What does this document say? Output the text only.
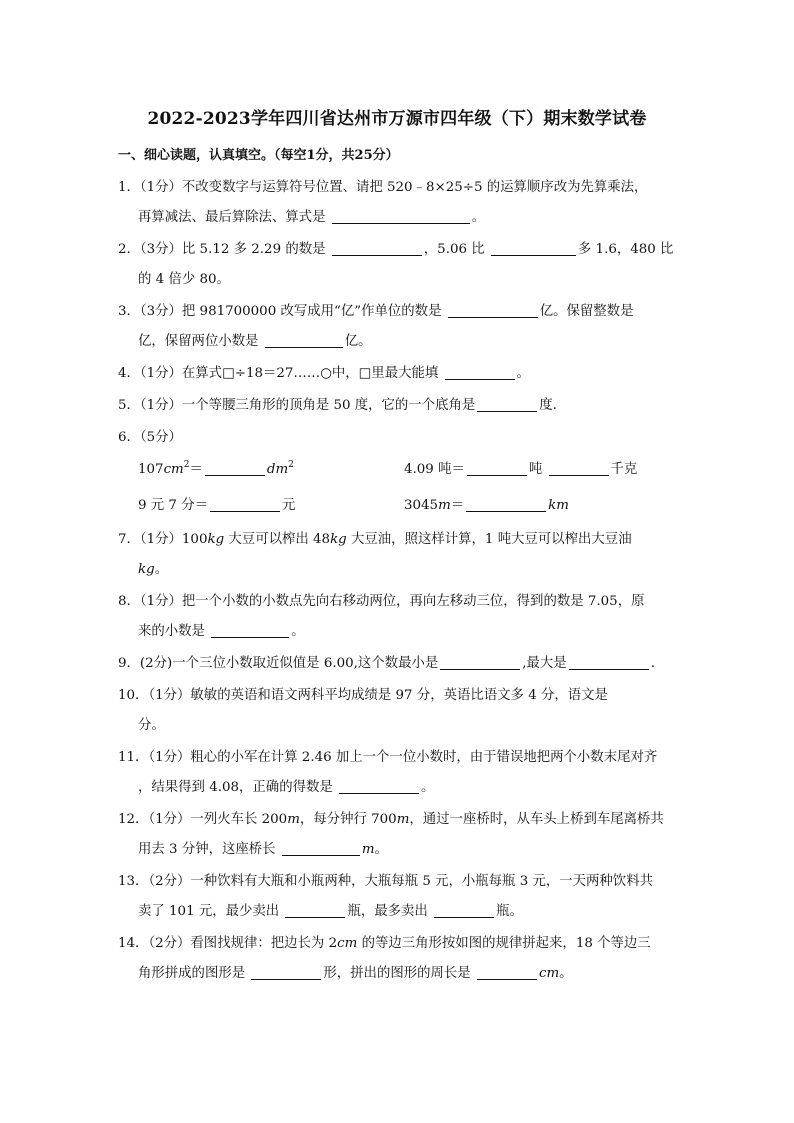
2022-2023学年四川省达州市万源市四年级（下）期末数学试卷
一、细心读题，认真填空。（每空1分，共25分）
1．（1分）不改变数字与运算符号位置、请把 520﹣8×25÷5 的运算顺序改为先算乘法，
再算减法、最后算除法、算式是	。
2．（3分）比 5.12 多 2.29 的数是	，5.06 比	多 1.6，480 比
的 4 倍少 80。
3．（3分）把 981700000 改写成用“亿”作单位的数是	亿。保留整数是
亿，保留两位小数是	亿。
4．（1分）在算式□÷18＝27……○中，□里最大能填	。
5．（1分）一个等腰三角形的顶角是 50 度，它的一个底角是	度.
6．（5分）
$107cm^2=$	$dm^2$	4.09 吨＝	吨	千克
9 元 7 分＝	元	3045m＝	km
7．（1分）100kg 大豆可以榨出 48kg 大豆油，照这样计算，1 吨大豆可以榨出大豆油
kg。
8．（1分）把一个小数的小数点先向右移动两位，再向左移动三位，得到的数是 7.05，原
来的小数是	。
9．(2分)一个三位小数取近似值是 6.00,这个数最小是	,最大是	.
10．（1分）敏敏的英语和语文两科平均成绩是 97 分，英语比语文多 4 分，语文是
分。
11．（1分）粗心的小军在计算 2.46 加上一个一位小数时，由于错误地把两个小数末尾对齐
，结果得到 4.08，正确的得数是	。
12．（1分）一列火车长 200m，每分钟行 700m，通过一座桥时，从车头上桥到车尾离桥共
用去 3 分钟，这座桥长	m。
13．（2分）一种饮料有大瓶和小瓶两种，大瓶每瓶 5 元，小瓶每瓶 3 元，一天两种饮料共
卖了 101 元，最少卖出	瓶，最多卖出	瓶。
14．（2分）看图找规律：把边长为 2cm 的等边三角形按如图的规律拼起来，18 个等边三
角形拼成的图形是	形，拼出的图形的周长是	cm。
